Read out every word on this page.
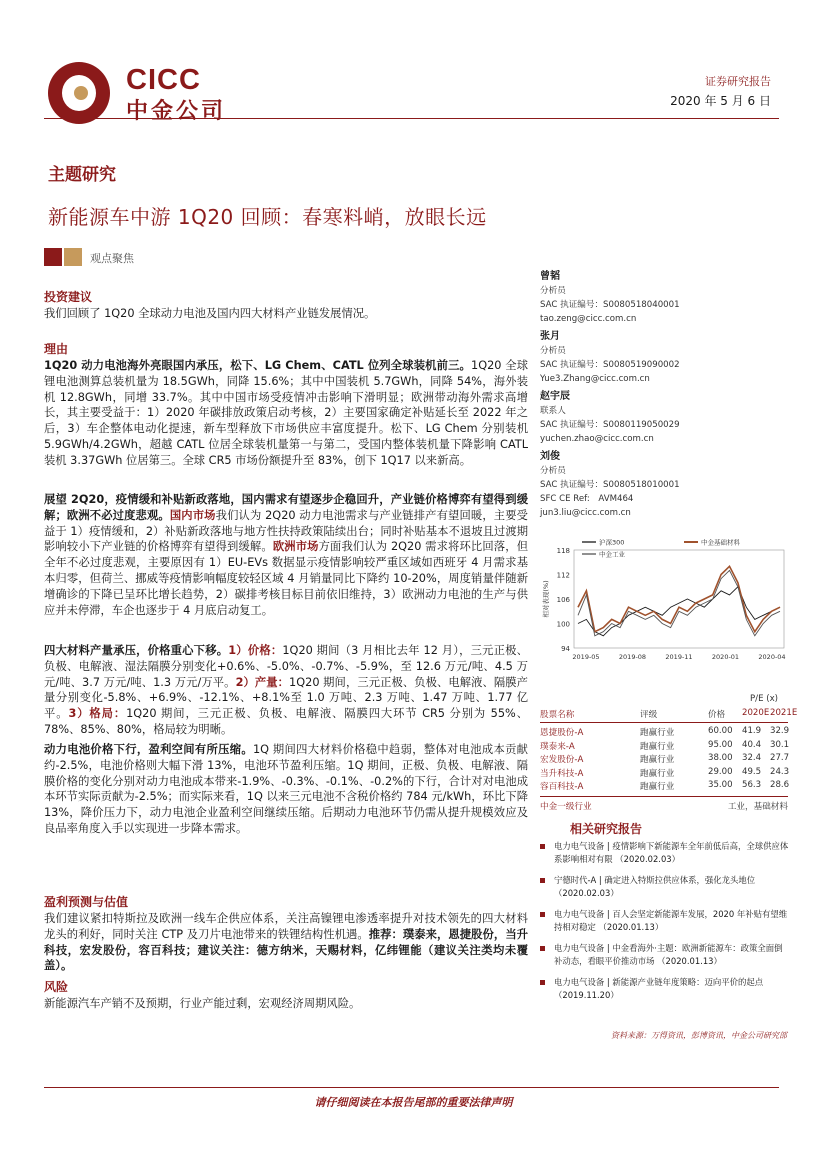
CICC
中金公司
证券研究报告
2020 年 5 月 6 日
主题研究
新能源车中游 1Q20 回顾：春寒料峭，放眼长远
观点聚焦
投资建议
我们回顾了 1Q20 全球动力电池及国内四大材料产业链发展情况。
理由
1Q20 动力电池海外亮眼国内承压，松下、LG Chem、CATL 位列全球装机前三。1Q20 全球锂电池测算总装机量为 18.5GWh，同降 15.6%；其中中国装机 5.7GWh，同降 54%，海外装机 12.8GWh，同增 33.7%。其中中国市场受疫情冲击影响下滑明显；欧洲带动海外需求高增长，其主要受益于：1）2020 年碳排放政策启动考核，2）主要国家确定补贴延长至 2022 年之后，3）车企整体电动化提速，新车型释放下市场供应丰富度提升。松下、LG Chem 分别装机 5.9GWh/4.2GWh，超越 CATL 位居全球装机量第一与第二，受国内整体装机量下降影响 CATL 装机 3.37GWh 位居第三。全球 CR5 市场份额提升至 83%，创下 1Q17 以来新高。
展望 2Q20，疫情缓和补贴新政落地，国内需求有望逐步企稳回升，产业链价格博弈有望得到缓解；欧洲不必过度悲观。国内市场我们认为 2Q20 动力电池需求与产业链排产有望回暖，主要受益于 1）疫情缓和，2）补贴新政落地与地方性扶持政策陆续出台；同时补贴基本不退坡且过渡期影响较小下产业链的价格博弈有望得到缓解。欧洲市场方面我们认为 2Q20 需求将环比回落，但全年不必过度悲观，主要原因有 1）EU-EVs 数据显示疫情影响较严重区域如西班牙 4 月需求基本归零，但荷兰、挪威等疫情影响幅度较轻区域 4 月销量同比下降约 10-20%，周度销量伴随新增确诊的下降已呈环比增长趋势，2）碳排考核目标目前依旧维持，3）欧洲动力电池的生产与供应并未停滞，车企也逐步于 4 月底启动复工。
四大材料产量承压，价格重心下移。1）价格：1Q20 期间（3 月相比去年 12 月），三元正极、负极、电解液、湿法隔膜分别变化+0.6%、-5.0%、-0.7%、-5.9%，至 12.6 万元/吨、4.5 万元/吨、3.7 万元/吨、1.3 万元/万平。2）产量：1Q20 期间，三元正极、负极、电解液、隔膜产量分别变化-5.8%、+6.9%、-12.1%、+8.1%至 1.0 万吨、2.3 万吨、1.47 万吨、1.77 亿平。3）格局：1Q20 期间，三元正极、负极、电解液、隔膜四大环节 CR5 分别为 55%、78%、85%、80%，格局较为明晰。
动力电池价格下行，盈利空间有所压缩。1Q 期间四大材料价格稳中趋弱，整体对电池成本贡献约-2.5%，电池价格则大幅下滑 13%，电池环节盈利压缩。1Q 期间，正极、负极、电解液、隔膜价格的变化分别对动力电池成本带来-1.9%、-0.3%、-0.1%、-0.2%的下行，合计对对电池成本环节实际贡献为-2.5%；而实际来看，1Q 以来三元电池不含税价格约 784 元/kWh，环比下降 13%，降价压力下，动力电池企业盈利空间继续压缩。后期动力电池环节仍需从提升规模效应及良品率角度入手以实现进一步降本需求。
盈利预测与估值
我们建议紧扣特斯拉及欧洲一线车企供应体系，关注高镍锂电渗透率提升对技术领先的四大材料龙头的利好，同时关注 CTP 及刀片电池带来的铁锂结构性机遇。推荐：璞泰来，恩捷股份，当升科技，宏发股份，容百科技；建议关注：德方纳米，天赐材料，亿纬锂能（建议关注类均未覆盖）。
风险
新能源汽车产销不及预期，行业产能过剩，宏观经济周期风险。
曾韬
分析员
SAC 执证编号：S0080518040001
tao.zeng@cicc.com.cn
张月
分析员
SAC 执证编号：S0080519090002
Yue3.Zhang@cicc.com.cn
赵宇辰
联系人
SAC 执证编号：S0080119050029
yuchen.zhao@cicc.com.cn
刘俊
分析员
SAC 执证编号：S0080518010001
SFC CE Ref:　AVM464
jun3.liu@cicc.com.cn
118
112
106
100
94
相对表现(%)
2019-05	2019-08	2019-11	2020-01	2020-04
沪深300	中金基础材料
中金工业
P/E (x)
股票名称	评级	价格 2020E 2021E
恩捷股份-A	跑赢行业	60.00 41.9 32.9
璞泰来-A	跑赢行业	95.00 40.4 30.1
宏发股份-A	跑赢行业	38.00 32.4 27.7
当升科技-A	跑赢行业	29.00 49.5 24.3
容百科技-A	跑赢行业	35.00 56.3 28.6
中金一级行业	工业，基础材料
相关研究报告
电力电气设备 | 疫情影响下新能源车全年前低后高，全球供应体系影响相对有限 （2020.02.03）
宁德时代-A | 确定进入特斯拉供应体系，强化龙头地位 （2020.02.03）
电力电气设备 | 百人会坚定新能源车发展，2020 年补贴有望维持相对稳定 （2020.01.13）
电力电气设备 | 中金看海外·主题：欧洲新能源车：政策全面倒补动态，看眼平价推动市场 （2020.01.13）
电力电气设备 | 新能源产业链年度策略：迈向平价的起点 （2019.11.20）
资料来源：万得资讯，彭博资讯，中金公司研究部
请仔细阅读在本报告尾部的重要法律声明
